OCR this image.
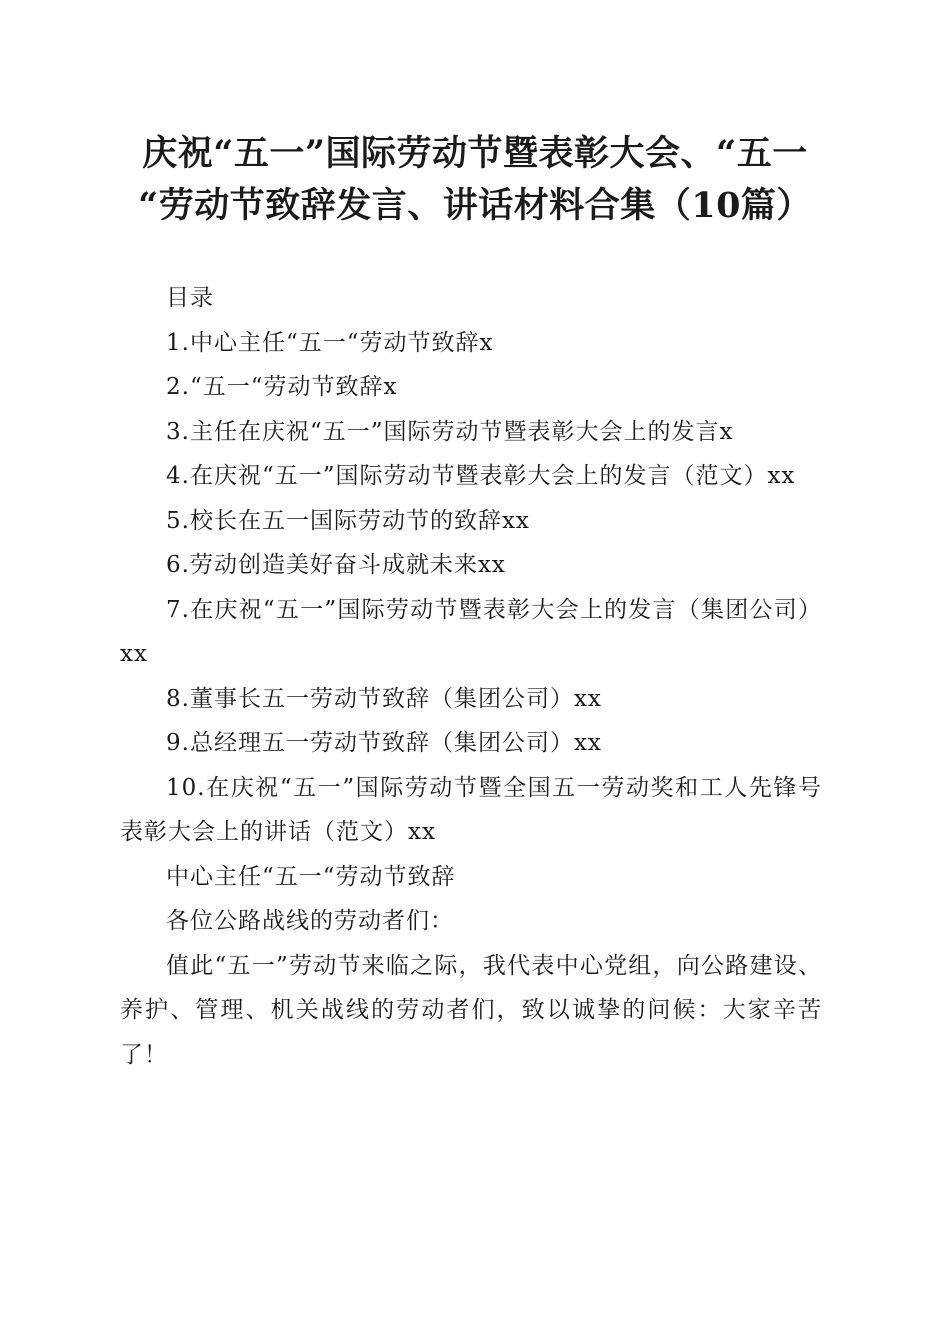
庆祝“五一”国际劳动节暨表彰大会、“五一
“劳动节致辞发言、讲话材料合集（10篇）

目录

1.中心主任“五一“劳动节致辞x

2.“五一“劳动节致辞x

3.主任在庆祝“五一”国际劳动节暨表彰大会上的发言x

4.在庆祝“五一”国际劳动节暨表彰大会上的发言（范文）xx

5.校长在五一国际劳动节的致辞xx

6.劳动创造美好奋斗成就未来xx

7.在庆祝“五一”国际劳动节暨表彰大会上的发言（集团公司）xx

8.董事长五一劳动节致辞（集团公司）xx

9.总经理五一劳动节致辞（集团公司）xx

10.在庆祝“五一”国际劳动节暨全国五一劳动奖和工人先锋号表彰大会上的讲话（范文）xx

中心主任“五一“劳动节致辞

各位公路战线的劳动者们：

值此“五一”劳动节来临之际，我代表中心党组，向公路建设、养护、管理、机关战线的劳动者们，致以诚挚的问候：大家辛苦了！
